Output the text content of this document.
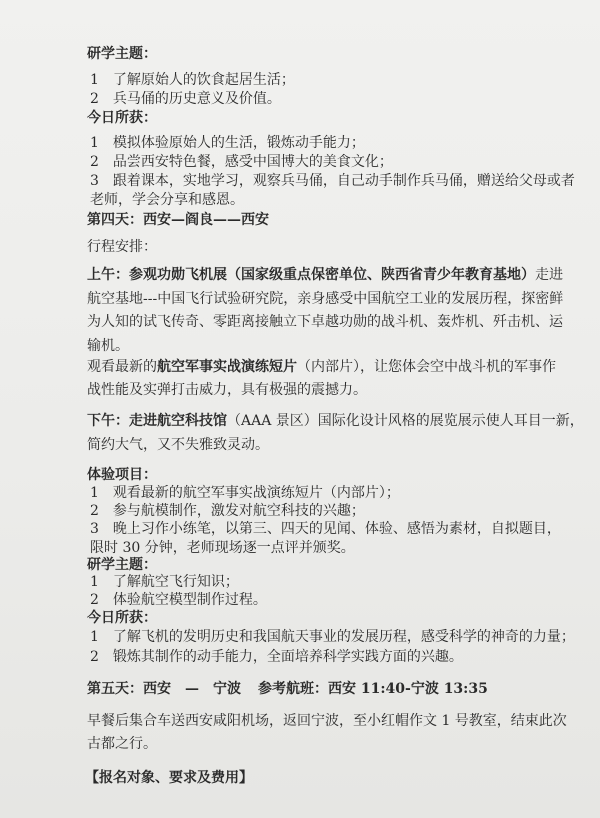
研学主题：
1　了解原始人的饮食起居生活；
2　兵马俑的历史意义及价值。
今日所获：
1　模拟体验原始人的生活，锻炼动手能力；
2　品尝西安特色餐，感受中国博大的美食文化；
3　跟着课本，实地学习，观察兵马俑，自己动手制作兵马俑，赠送给父母或者
老师，学会分享和感恩。
第四天：西安—阎良——西安
行程安排：
上午：参观功勋飞机展（国家级重点保密单位、陕西省青少年教育基地）走进
航空基地---中国飞行试验研究院，亲身感受中国航空工业的发展历程，探密鲜
为人知的试飞传奇、零距离接触立下卓越功勋的战斗机、轰炸机、歼击机、运
输机。
观看最新的航空军事实战演练短片（内部片），让您体会空中战斗机的军事作
战性能及实弹打击威力，具有极强的震撼力。
下午：走进航空科技馆（AAA 景区）国际化设计风格的展览展示使人耳目一新，
简约大气，又不失雅致灵动。
体验项目：
1　观看最新的航空军事实战演练短片（内部片）；
2　参与航模制作，激发对航空科技的兴趣；
3　晚上习作小练笔，以第三、四天的见闻、体验、感悟为素材，自拟题目，
限时 30 分钟，老师现场逐一点评并颁奖。
研学主题：
1　了解航空飞行知识；
2　体验航空模型制作过程。
今日所获：
1　了解飞机的发明历史和我国航天事业的发展历程，感受科学的神奇的力量；
2　锻炼其制作的动手能力，全面培养科学实践方面的兴趣。
第五天：西安　—　宁波 参考航班：西安 11:40-宁波 13:35
早餐后集合车送西安咸阳机场，返回宁波，至小红帽作文 1 号教室，结束此次
古都之行。
【报名对象、要求及费用】
